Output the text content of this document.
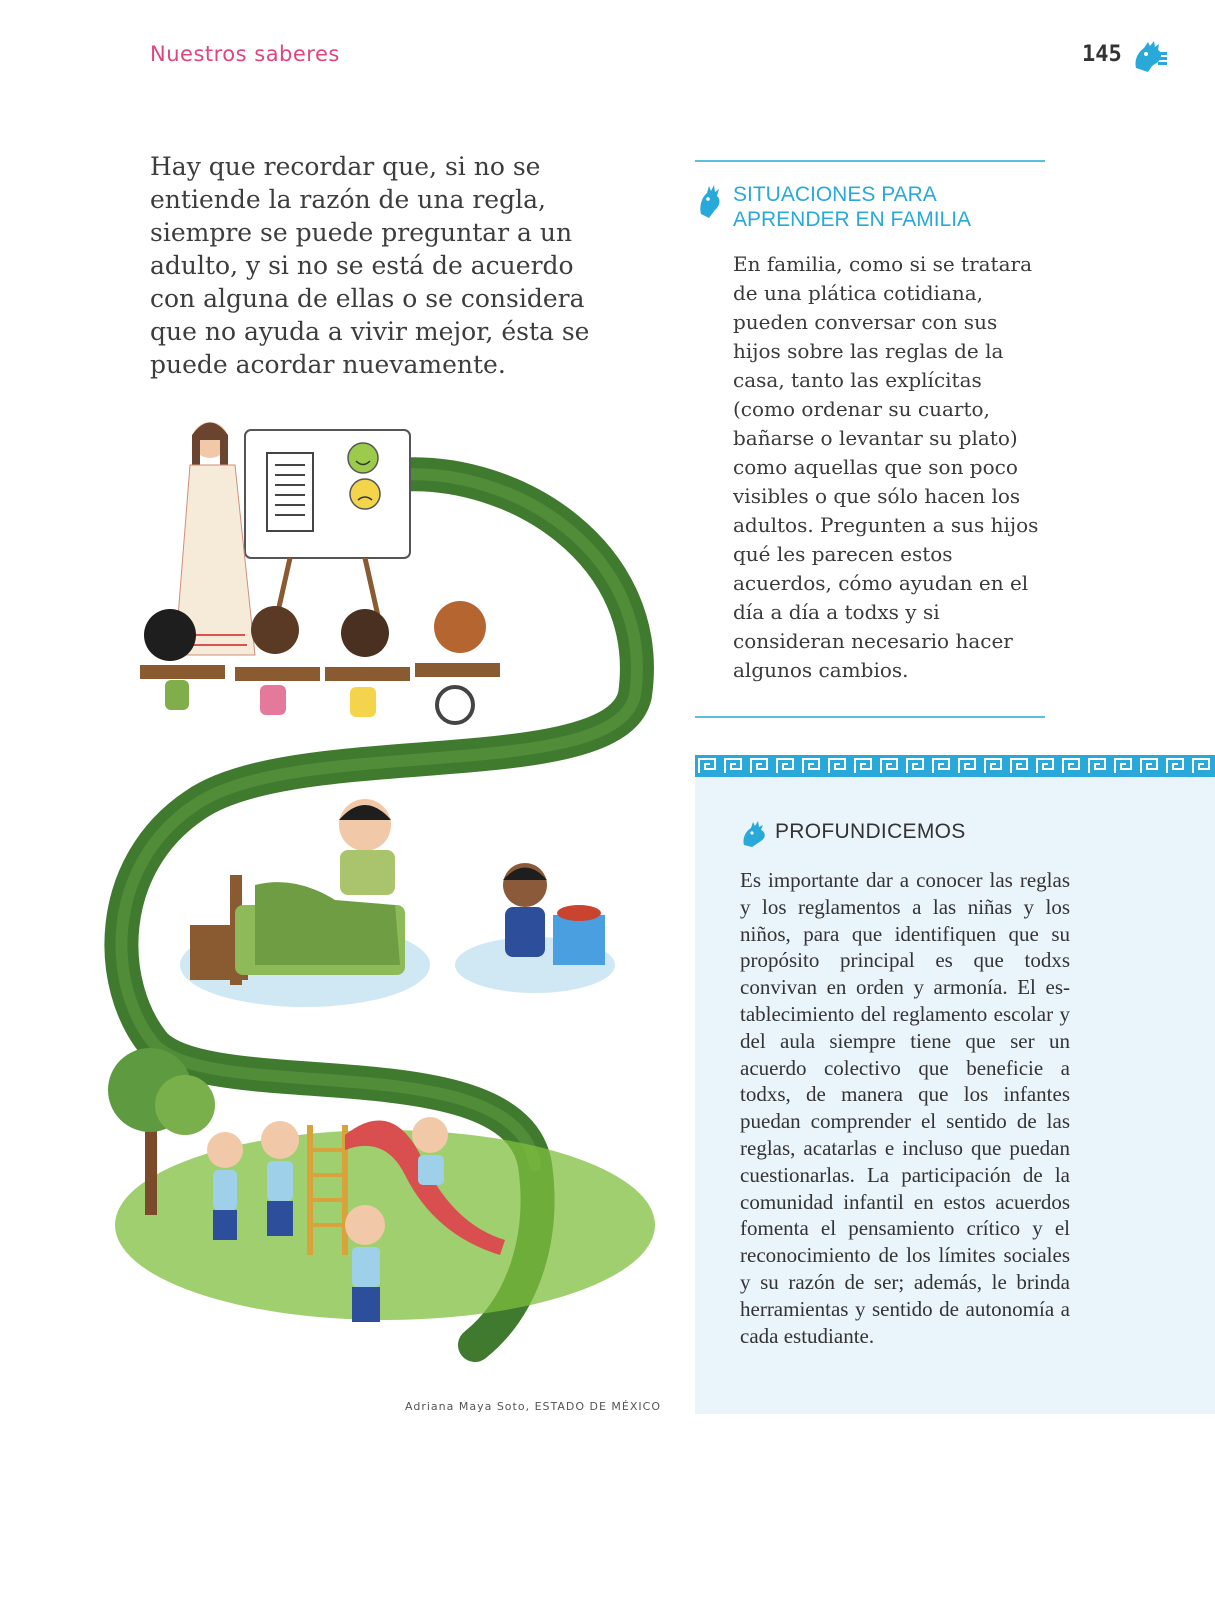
Nuestros saberes	145

Hay que recordar que, si no se entiende la razón de una regla, siempre se puede preguntar a un adulto, y si no se está de acuerdo con alguna de ellas o se considera que no ayuda a vivir mejor, ésta se puede acordar nuevamente.

Adriana Maya Soto, ESTADO DE MÉXICO
SITUACIONES PARA APRENDER EN FAMILIA

En familia, como si se tratara de una plática cotidiana, pueden conversar con sus hijos sobre las reglas de la casa, tanto las explícitas (como ordenar su cuarto, bañarse o levantar su plato) como aquellas que son poco visibles o que sólo hacen los adultos. Pregunten a sus hijos qué les parecen estos acuerdos, cómo ayudan en el día a día a todxs y si consideran necesario hacer algunos cambios.

PROFUNDICEMOS

Es importante dar a conocer las reglas y los reglamentos a las niñas y los niños, para que identifiquen que su propósito principal es que todxs convivan en orden y armonía. El establecimiento del reglamento escolar y del aula siempre tiene que ser un acuerdo colectivo que beneficie a todxs, de manera que los infantes puedan comprender el sentido de las reglas, acatarlas e incluso que puedan cuestionarlas. La participación de la comunidad infantil en estos acuerdos fomenta el pensamiento crítico y el reconocimiento de los límites sociales y su razón de ser; además, le brinda herramientas y sentido de autonomía a cada estudiante.
